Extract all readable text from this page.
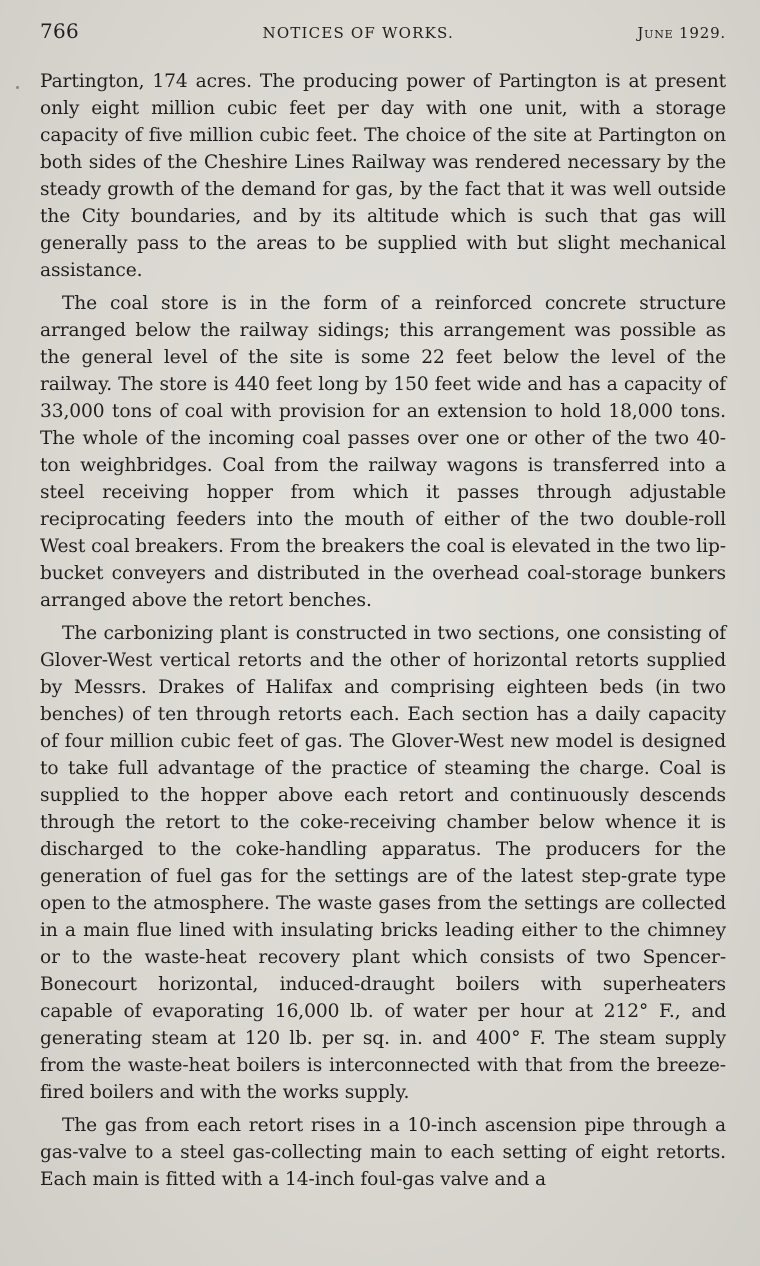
766	NOTICES OF WORKS.	June 1929.

Partington, 174 acres. The producing power of Partington is at present only eight million cubic feet per day with one unit, with a storage capacity of five million cubic feet. The choice of the site at Partington on both sides of the Cheshire Lines Railway was rendered necessary by the steady growth of the demand for gas, by the fact that it was well outside the City boundaries, and by its altitude which is such that gas will generally pass to the areas to be supplied with but slight mechanical assistance.

The coal store is in the form of a reinforced concrete structure arranged below the railway sidings; this arrangement was possible as the general level of the site is some 22 feet below the level of the railway. The store is 440 feet long by 150 feet wide and has a capacity of 33,000 tons of coal with provision for an extension to hold 18,000 tons. The whole of the incoming coal passes over one or other of the two 40-ton weighbridges. Coal from the railway wagons is transferred into a steel receiving hopper from which it passes through adjustable reciprocating feeders into the mouth of either of the two double-roll West coal breakers. From the breakers the coal is elevated in the two lip-bucket conveyers and distributed in the overhead coal-storage bunkers arranged above the retort benches.

The carbonizing plant is constructed in two sections, one consisting of Glover-West vertical retorts and the other of horizontal retorts supplied by Messrs. Drakes of Halifax and comprising eighteen beds (in two benches) of ten through retorts each. Each section has a daily capacity of four million cubic feet of gas. The Glover-West new model is designed to take full advantage of the practice of steaming the charge. Coal is supplied to the hopper above each retort and continuously descends through the retort to the coke-receiving chamber below whence it is discharged to the coke-handling apparatus. The producers for the generation of fuel gas for the settings are of the latest step-grate type open to the atmosphere. The waste gases from the settings are collected in a main flue lined with insulating bricks leading either to the chimney or to the waste-heat recovery plant which consists of two Spencer-Bonecourt horizontal, induced-draught boilers with superheaters capable of evaporating 16,000 lb. of water per hour at 212° F., and generating steam at 120 lb. per sq. in. and 400° F. The steam supply from the waste-heat boilers is interconnected with that from the breeze-fired boilers and with the works supply.

The gas from each retort rises in a 10-inch ascension pipe through a gas-valve to a steel gas-collecting main to each setting of eight retorts. Each main is fitted with a 14-inch foul-gas valve and a
